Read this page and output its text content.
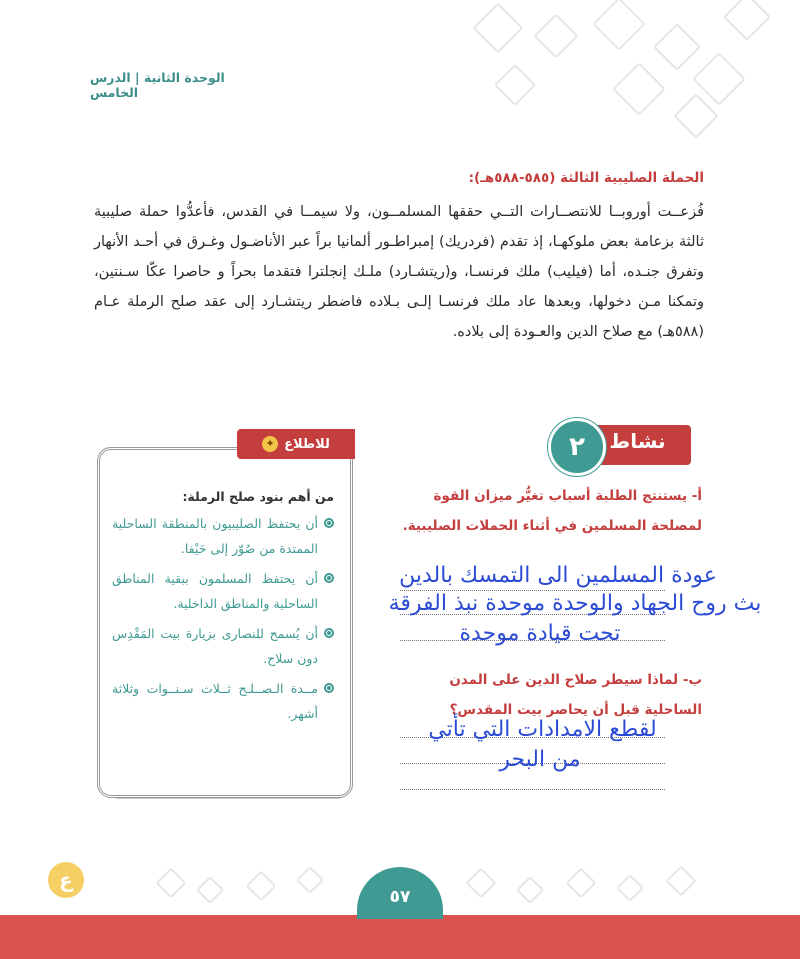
الوحدة الثانية | الدرس الخامس
الحملة الصليبية الثالثة (٥٨٥-٥٨٨هـ):
فُزعــت أوروبــا للانتصــارات التــي حققها المسلمــون، ولا سيمــا في القدس، فأعدُّوا حملة صليبية ثالثة بزعامة بعض ملوكهـا، إذ تقدم (فردريك) إمبراطـور ألمانيا براً عبر الأناضـول وغـرق في أحـد الأنهار وتفرق جنـده، أما (فيليب) ملك فرنسـا، و(ريتشـارد) ملـك إنجلترا فتقدما بحراً و حاصرا عكّا سـنتين، وتمكنا مـن دخولها، وبعدها عاد ملك فرنسـا إلـى بـلاده فاضطر ريتشـارد إلى عقد صلح الرملة عـام (٥٨٨هـ) مع صلاح الدين والعـودة إلى بلاده.
للاطلاع
✦
من أهم بنود صلح الرملة:
أن يحتفظ الصليبيون بالمنطقة الساحلية الممتدة من صُوّر إلى حَيْفا.
أن يحتفظ المسلمون ببقية المناطق الساحلية والمناطق الداخلية.
أن يُسمح للنصارى بزيارة بيت المَقْدِس دون سلاح.
مــدة الـصــلـح ثــلاث سـنــوات وثلاثة أشهر.
نشاط
٢
أ- يستنتج الطلبة أسباب تغيُّر ميزان القوة لمصلحة المسلمين في أثناء الحملات الصليبية.
عودة المسلمين الى التمسك بالدين
بث روح الجهاد والوحدة موحدة نبذ الفرقة
تحت قيادة موحدة
ب- لماذا سيطر صلاح الدين على المدن الساحلية قبل أن يحاصر بيت المقدس؟
لقطع الامدادات التي تأتي
من البحر
ع
٥٧
